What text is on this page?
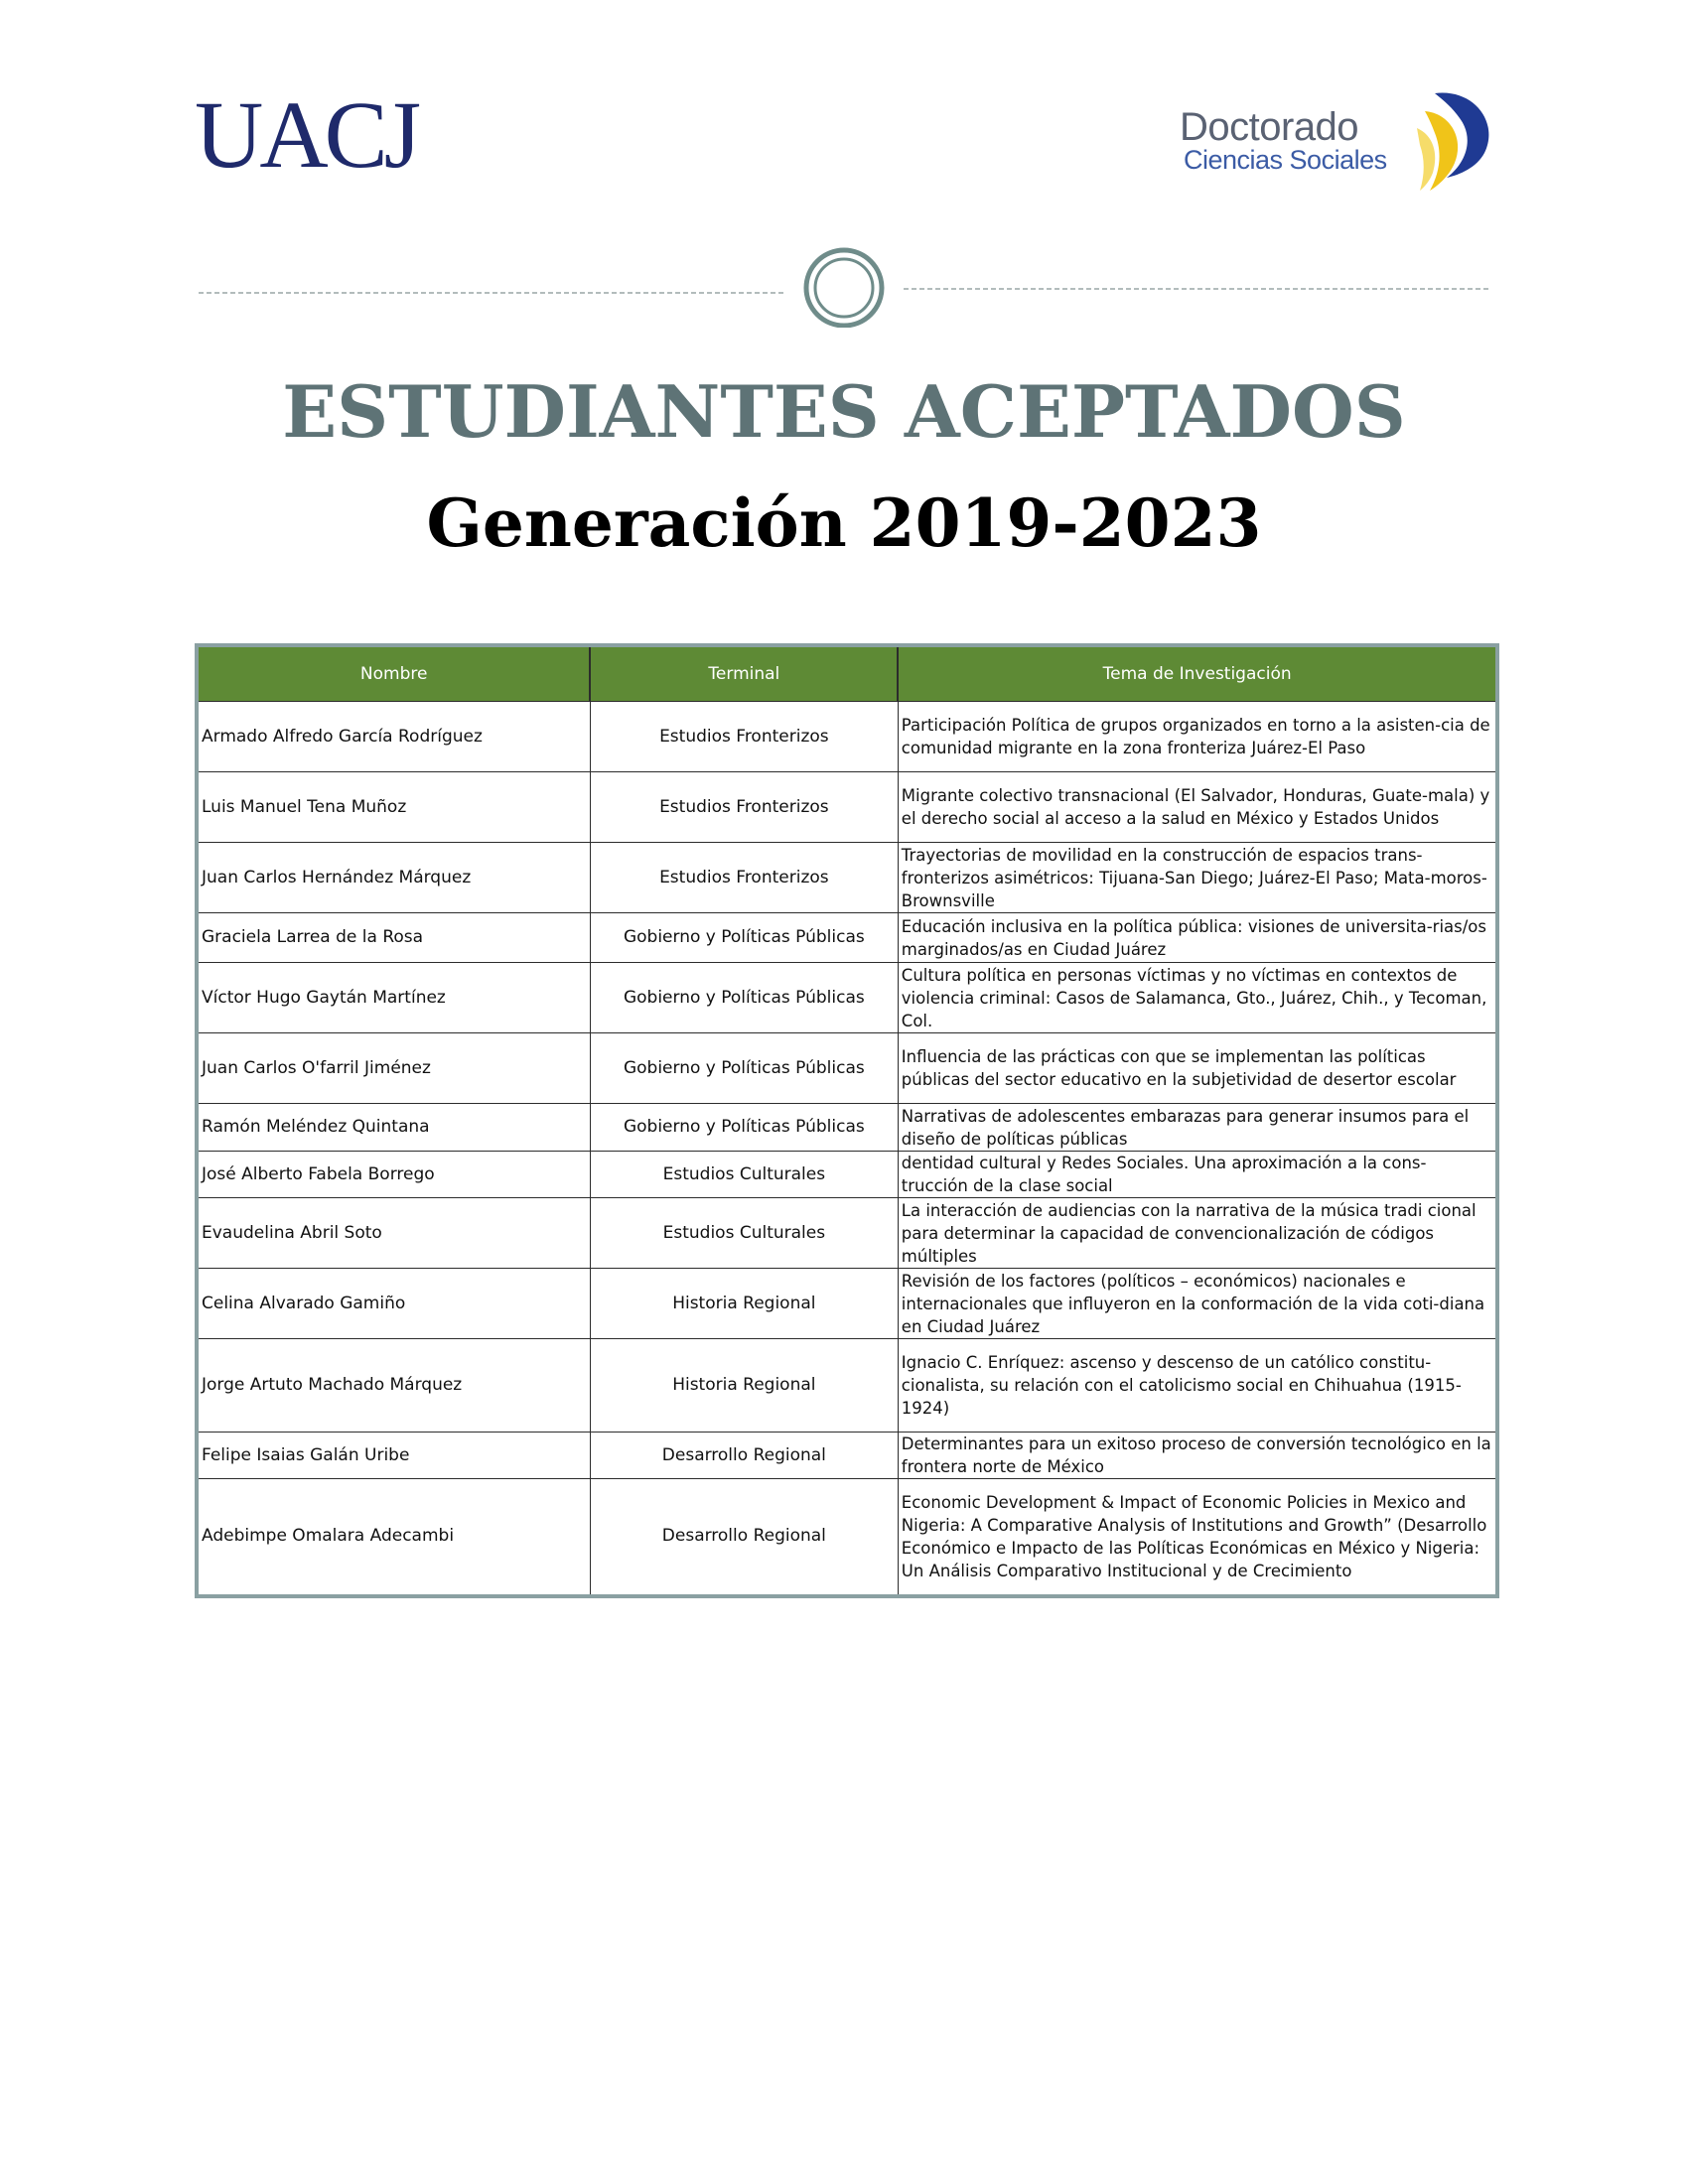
UACJ	Doctorado
Ciencias Sociales
ESTUDIANTES ACEPTADOS
Generación 2019-2023
Nombre	Terminal	Tema de Investigación
Armado Alfredo García Rodríguez	Estudios Fronterizos	Participación Política de grupos organizados en torno a la asisten-cia de comunidad migrante en la zona fronteriza Juárez-El Paso
Luis Manuel Tena Muñoz	Estudios Fronterizos	Migrante colectivo transnacional (El Salvador, Honduras, Guate-mala) y el derecho social al acceso a la salud en México y Estados Unidos
Juan Carlos Hernández Márquez	Estudios Fronterizos	Trayectorias de movilidad en la construcción de espacios trans-fronterizos asimétricos: Tijuana-San Diego; Juárez-El Paso; Mata-moros-Brownsville
Graciela Larrea de la Rosa	Gobierno y Políticas Públicas	Educación inclusiva en la política pública: visiones de universita-rias/os marginados/as en Ciudad Juárez
Víctor Hugo Gaytán Martínez	Gobierno y Políticas Públicas	Cultura política en personas víctimas y no víctimas en contextos de violencia criminal: Casos de Salamanca, Gto., Juárez, Chih., y Tecoman, Col.
Juan Carlos O'farril Jiménez	Gobierno y Políticas Públicas	Influencia de las prácticas con que se implementan las políticas públicas del sector educativo en la subjetividad de desertor escolar
Ramón Meléndez Quintana	Gobierno y Políticas Públicas	Narrativas de adolescentes embarazas para generar insumos para el diseño de políticas públicas
José Alberto Fabela Borrego	Estudios Culturales	dentidad cultural y Redes Sociales. Una aproximación a la cons-trucción de la clase social
Evaudelina Abril Soto	Estudios Culturales	La interacción de audiencias con la narrativa de la música tradi cional para determinar la capacidad de convencionalización de códigos múltiples
Celina Alvarado Gamiño	Historia Regional	Revisión de los factores (políticos – económicos) nacionales e internacionales que influyeron en la conformación de la vida coti-diana en Ciudad Juárez
Jorge Artuto Machado Márquez	Historia Regional	Ignacio C. Enríquez: ascenso y descenso de un católico constitu-cionalista, su relación con el catolicismo social en Chihuahua (1915-1924)
Felipe Isaias Galán Uribe	Desarrollo Regional	Determinantes para un exitoso proceso de conversión tecnológico en la frontera norte de México
Adebimpe Omalara Adecambi	Desarrollo Regional	Economic Development & Impact of Economic Policies in Mexico and Nigeria: A Comparative Analysis of Institutions and Growth” (Desarrollo Económico e Impacto de las Políticas Económicas en México y Nigeria: Un Análisis Comparativo Institucional y de Crecimiento
